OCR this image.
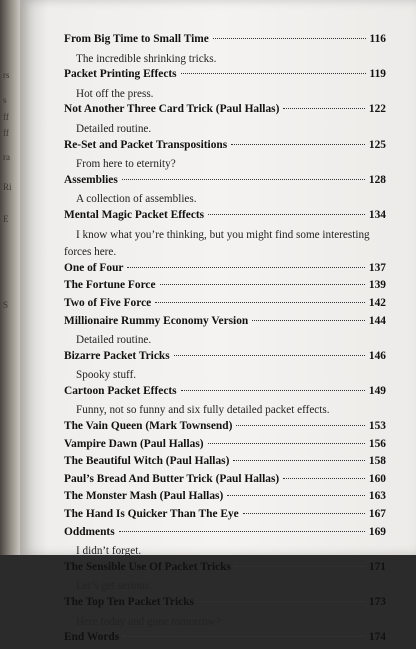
rs
s
ff
ff
ra
Ri
E
S
From Big Time to Small Time	116
The incredible shrinking tricks.
Packet Printing Effects	119
Hot off the press.
Not Another Three Card Trick (Paul Hallas)	122
Detailed routine.
Re-Set and Packet Transpositions	125
From here to eternity?
Assemblies	128
A collection of assemblies.
Mental Magic Packet Effects	134
I know what you’re thinking, but you might find some interesting
forces here.
One of Four	137
The Fortune Force	139
Two of Five Force	142
Millionaire Rummy Economy Version	144
Detailed routine.
Bizarre Packet Tricks	146
Spooky stuff.
Cartoon Packet Effects	149
Funny, not so funny and six fully detailed packet effects.
The Vain Queen (Mark Townsend)	153
Vampire Dawn (Paul Hallas)	156
The Beautiful Witch (Paul Hallas)	158
Paul’s Bread And Butter Trick (Paul Hallas)	160
The Monster Mash (Paul Hallas)	163
The Hand Is Quicker Than The Eye	167
Oddments	169
I didn’t forget.
The Sensible Use Of Packet Tricks	171
Let’s get serious.
The Top Ten Packet Tricks	173
Here today and gone tomorrow?
End Words	174
